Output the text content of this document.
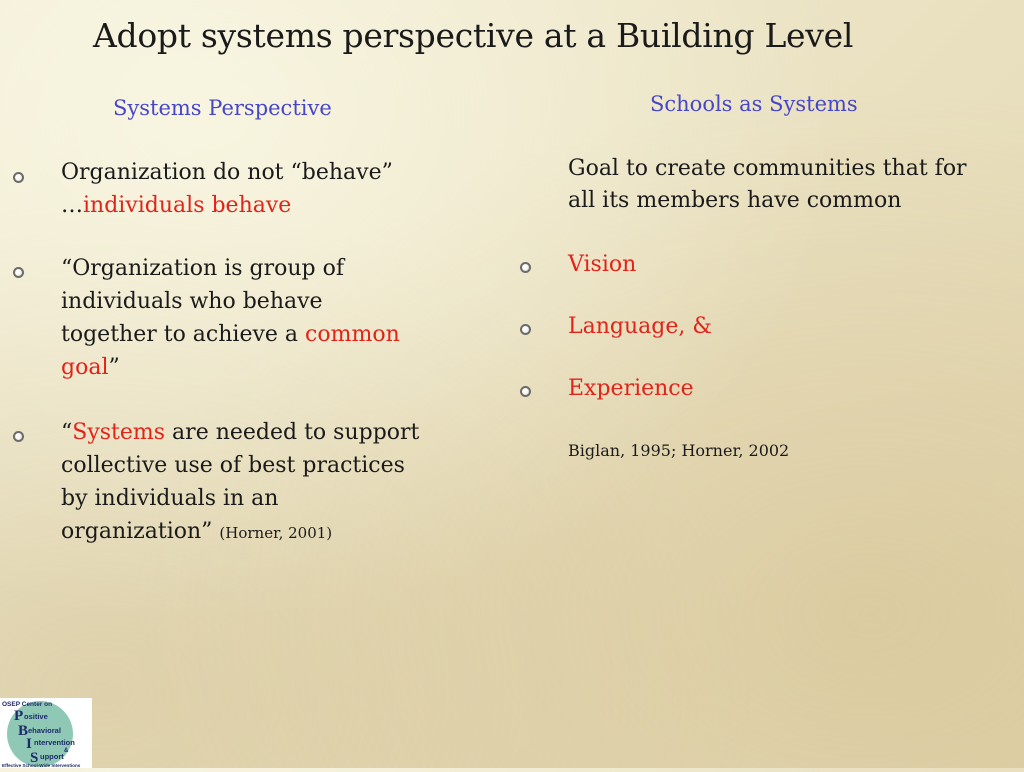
Adopt systems perspective at a Building Level
Systems Perspective
Organization do not “behave”
…individuals behave
“Organization is group of
individuals who behave
together to achieve a common
goal”
“Systems are needed to support
collective use of best practices
by individuals in an
organization” (Horner, 2001)
Schools as Systems
Goal to create communities that for
all its members have common
Vision
Language, &
Experience
Biglan, 1995; Horner, 2002
OSEP Center on
P ositive
B ehavioral
I ntervention
&
S upport
Effective School-Wide Interventions
